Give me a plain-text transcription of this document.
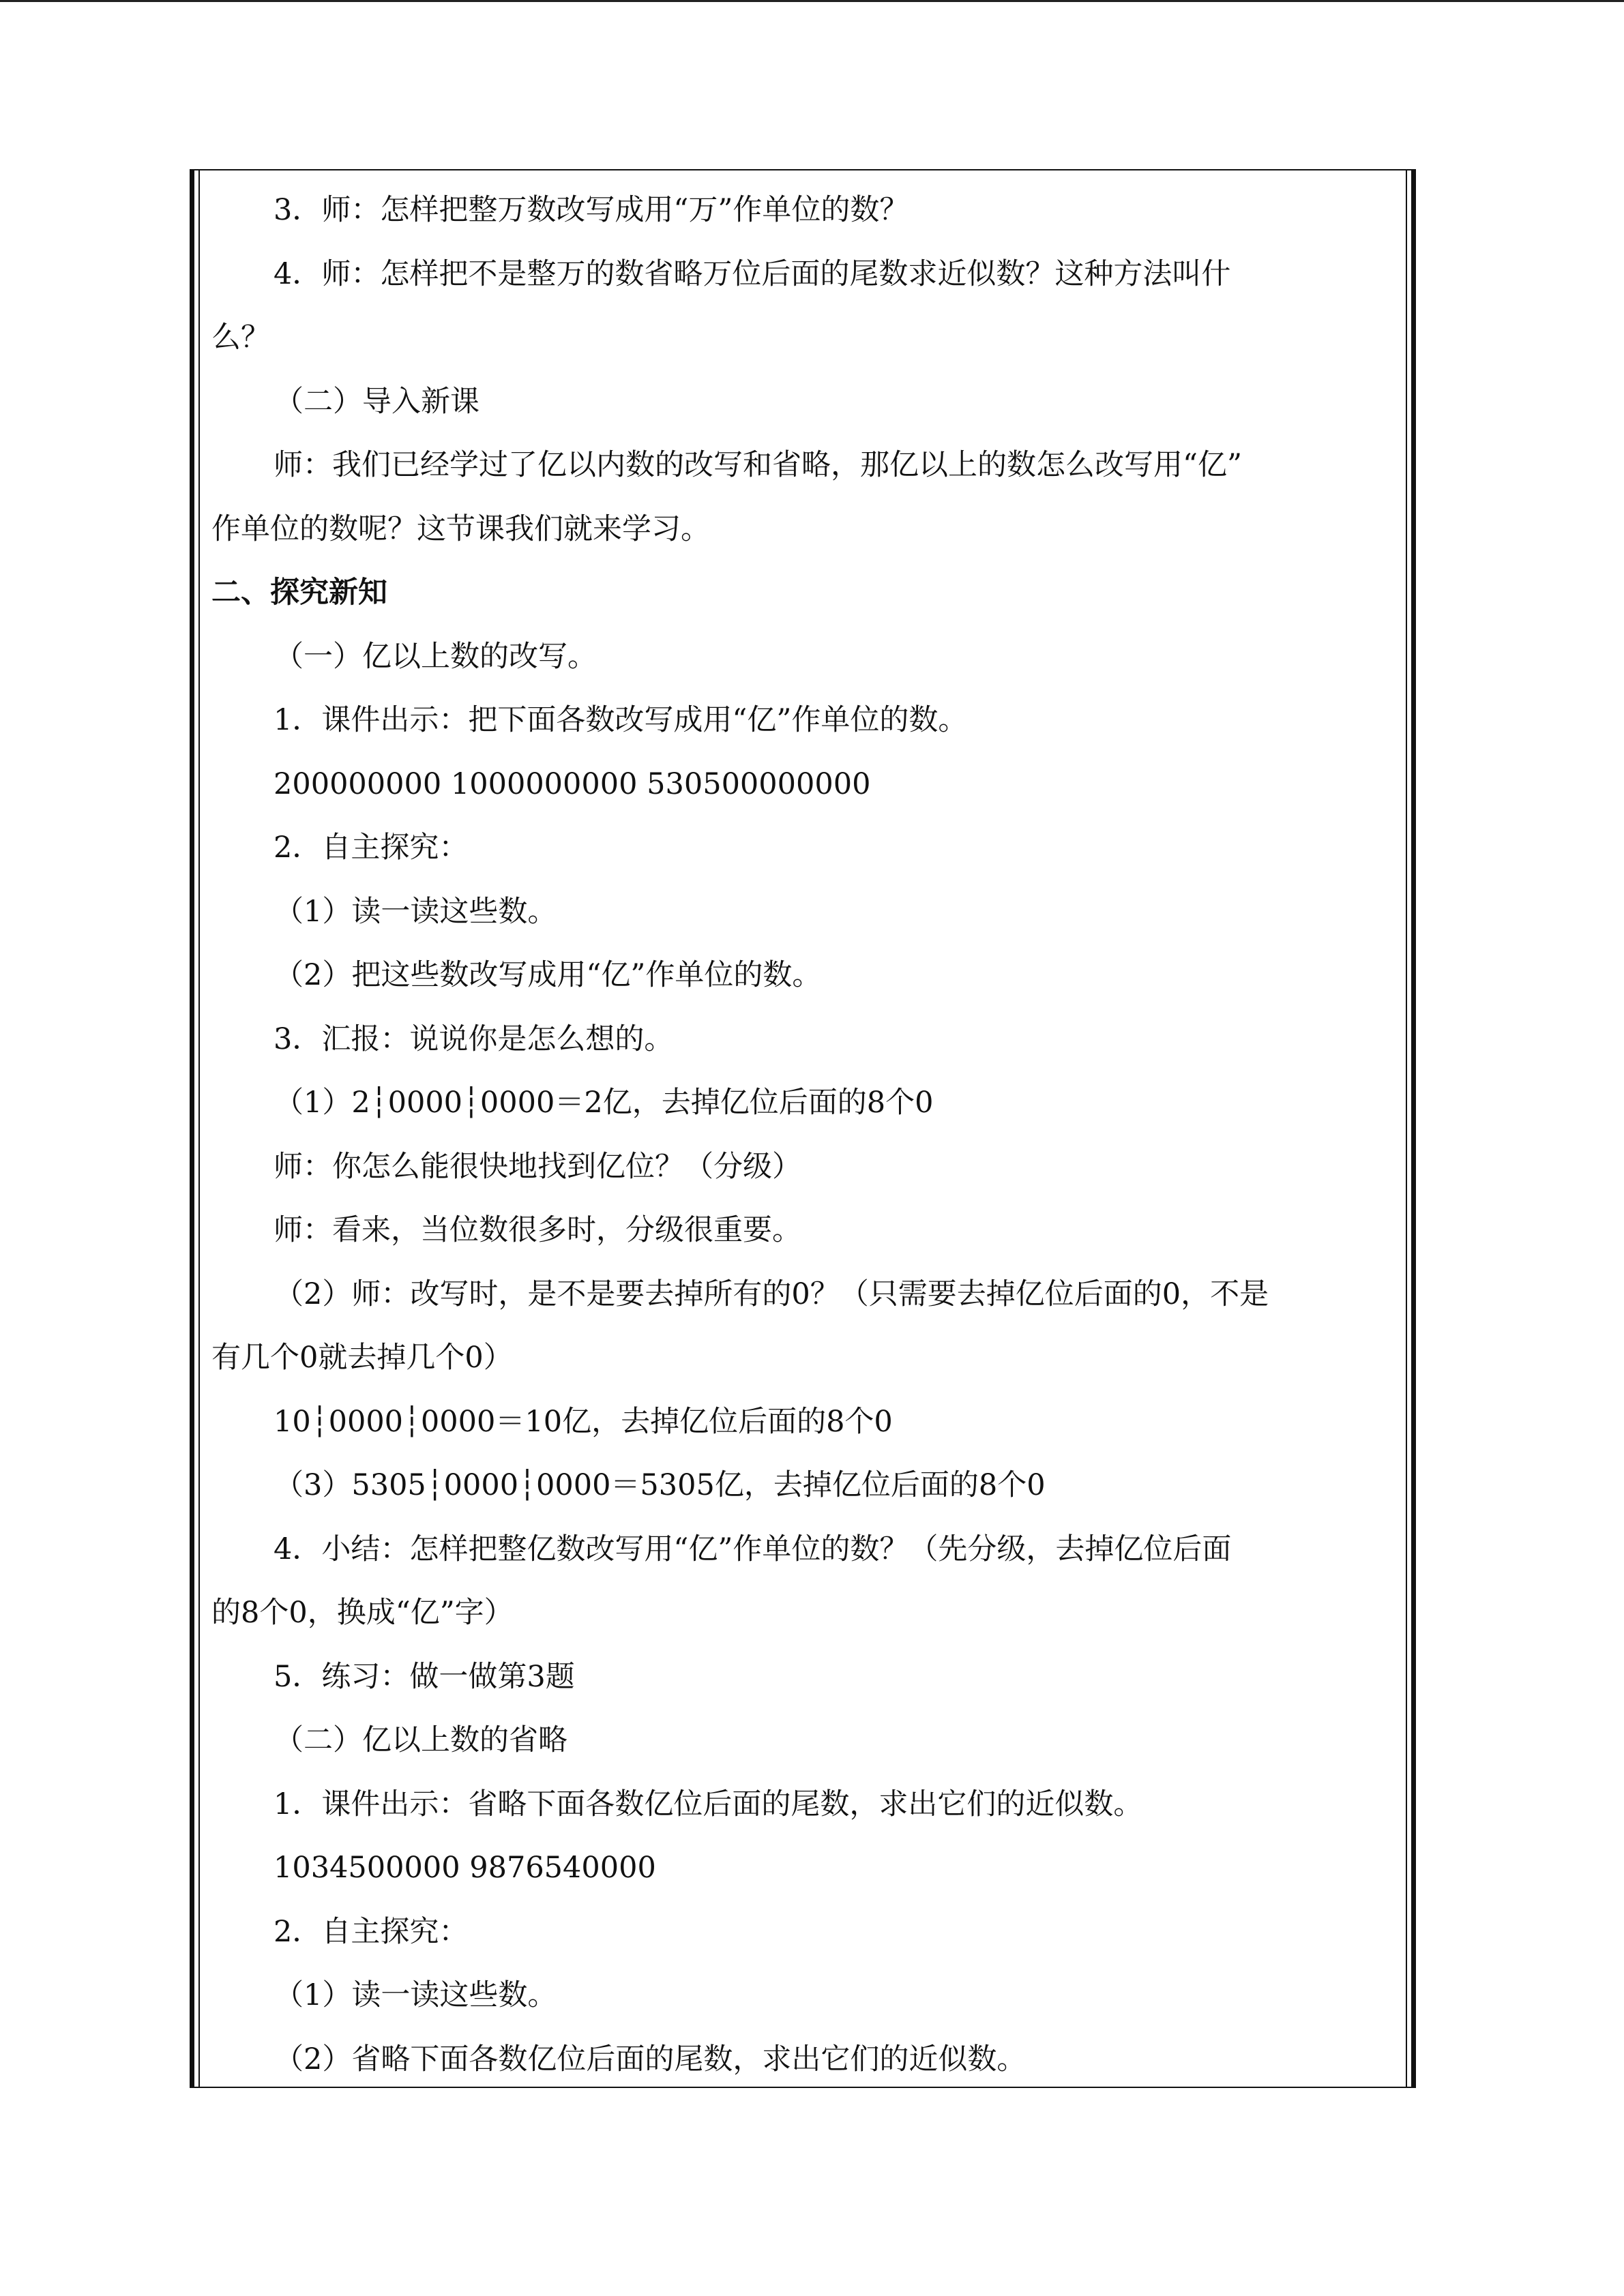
3．师：怎样把整万数改写成用“万”作单位的数？
4．师：怎样把不是整万的数省略万位后面的尾数求近似数？这种方法叫什
么？
（二）导入新课
师：我们已经学过了亿以内数的改写和省略，那亿以上的数怎么改写用“亿”
作单位的数呢？这节课我们就来学习。
二、探究新知
（一）亿以上数的改写。
1．课件出示：把下面各数改写成用“亿”作单位的数。
200000000 1000000000 530500000000
2．自主探究：
（1）读一读这些数。
（2）把这些数改写成用“亿”作单位的数。
3．汇报：说说你是怎么想的。
（1）2┆0000┆0000＝2亿，去掉亿位后面的8个0
师：你怎么能很快地找到亿位？（分级）
师：看来，当位数很多时，分级很重要。
（2）师：改写时，是不是要去掉所有的0？（只需要去掉亿位后面的0，不是
有几个0就去掉几个0）
10┆0000┆0000＝10亿，去掉亿位后面的8个0
（3）5305┆0000┆0000＝5305亿，去掉亿位后面的8个0
4．小结：怎样把整亿数改写用“亿”作单位的数？（先分级，去掉亿位后面
的8个0，换成“亿”字）
5．练习：做一做第3题
（二）亿以上数的省略
1．课件出示：省略下面各数亿位后面的尾数，求出它们的近似数。
1034500000 9876540000
2．自主探究：
（1）读一读这些数。
（2）省略下面各数亿位后面的尾数，求出它们的近似数。
